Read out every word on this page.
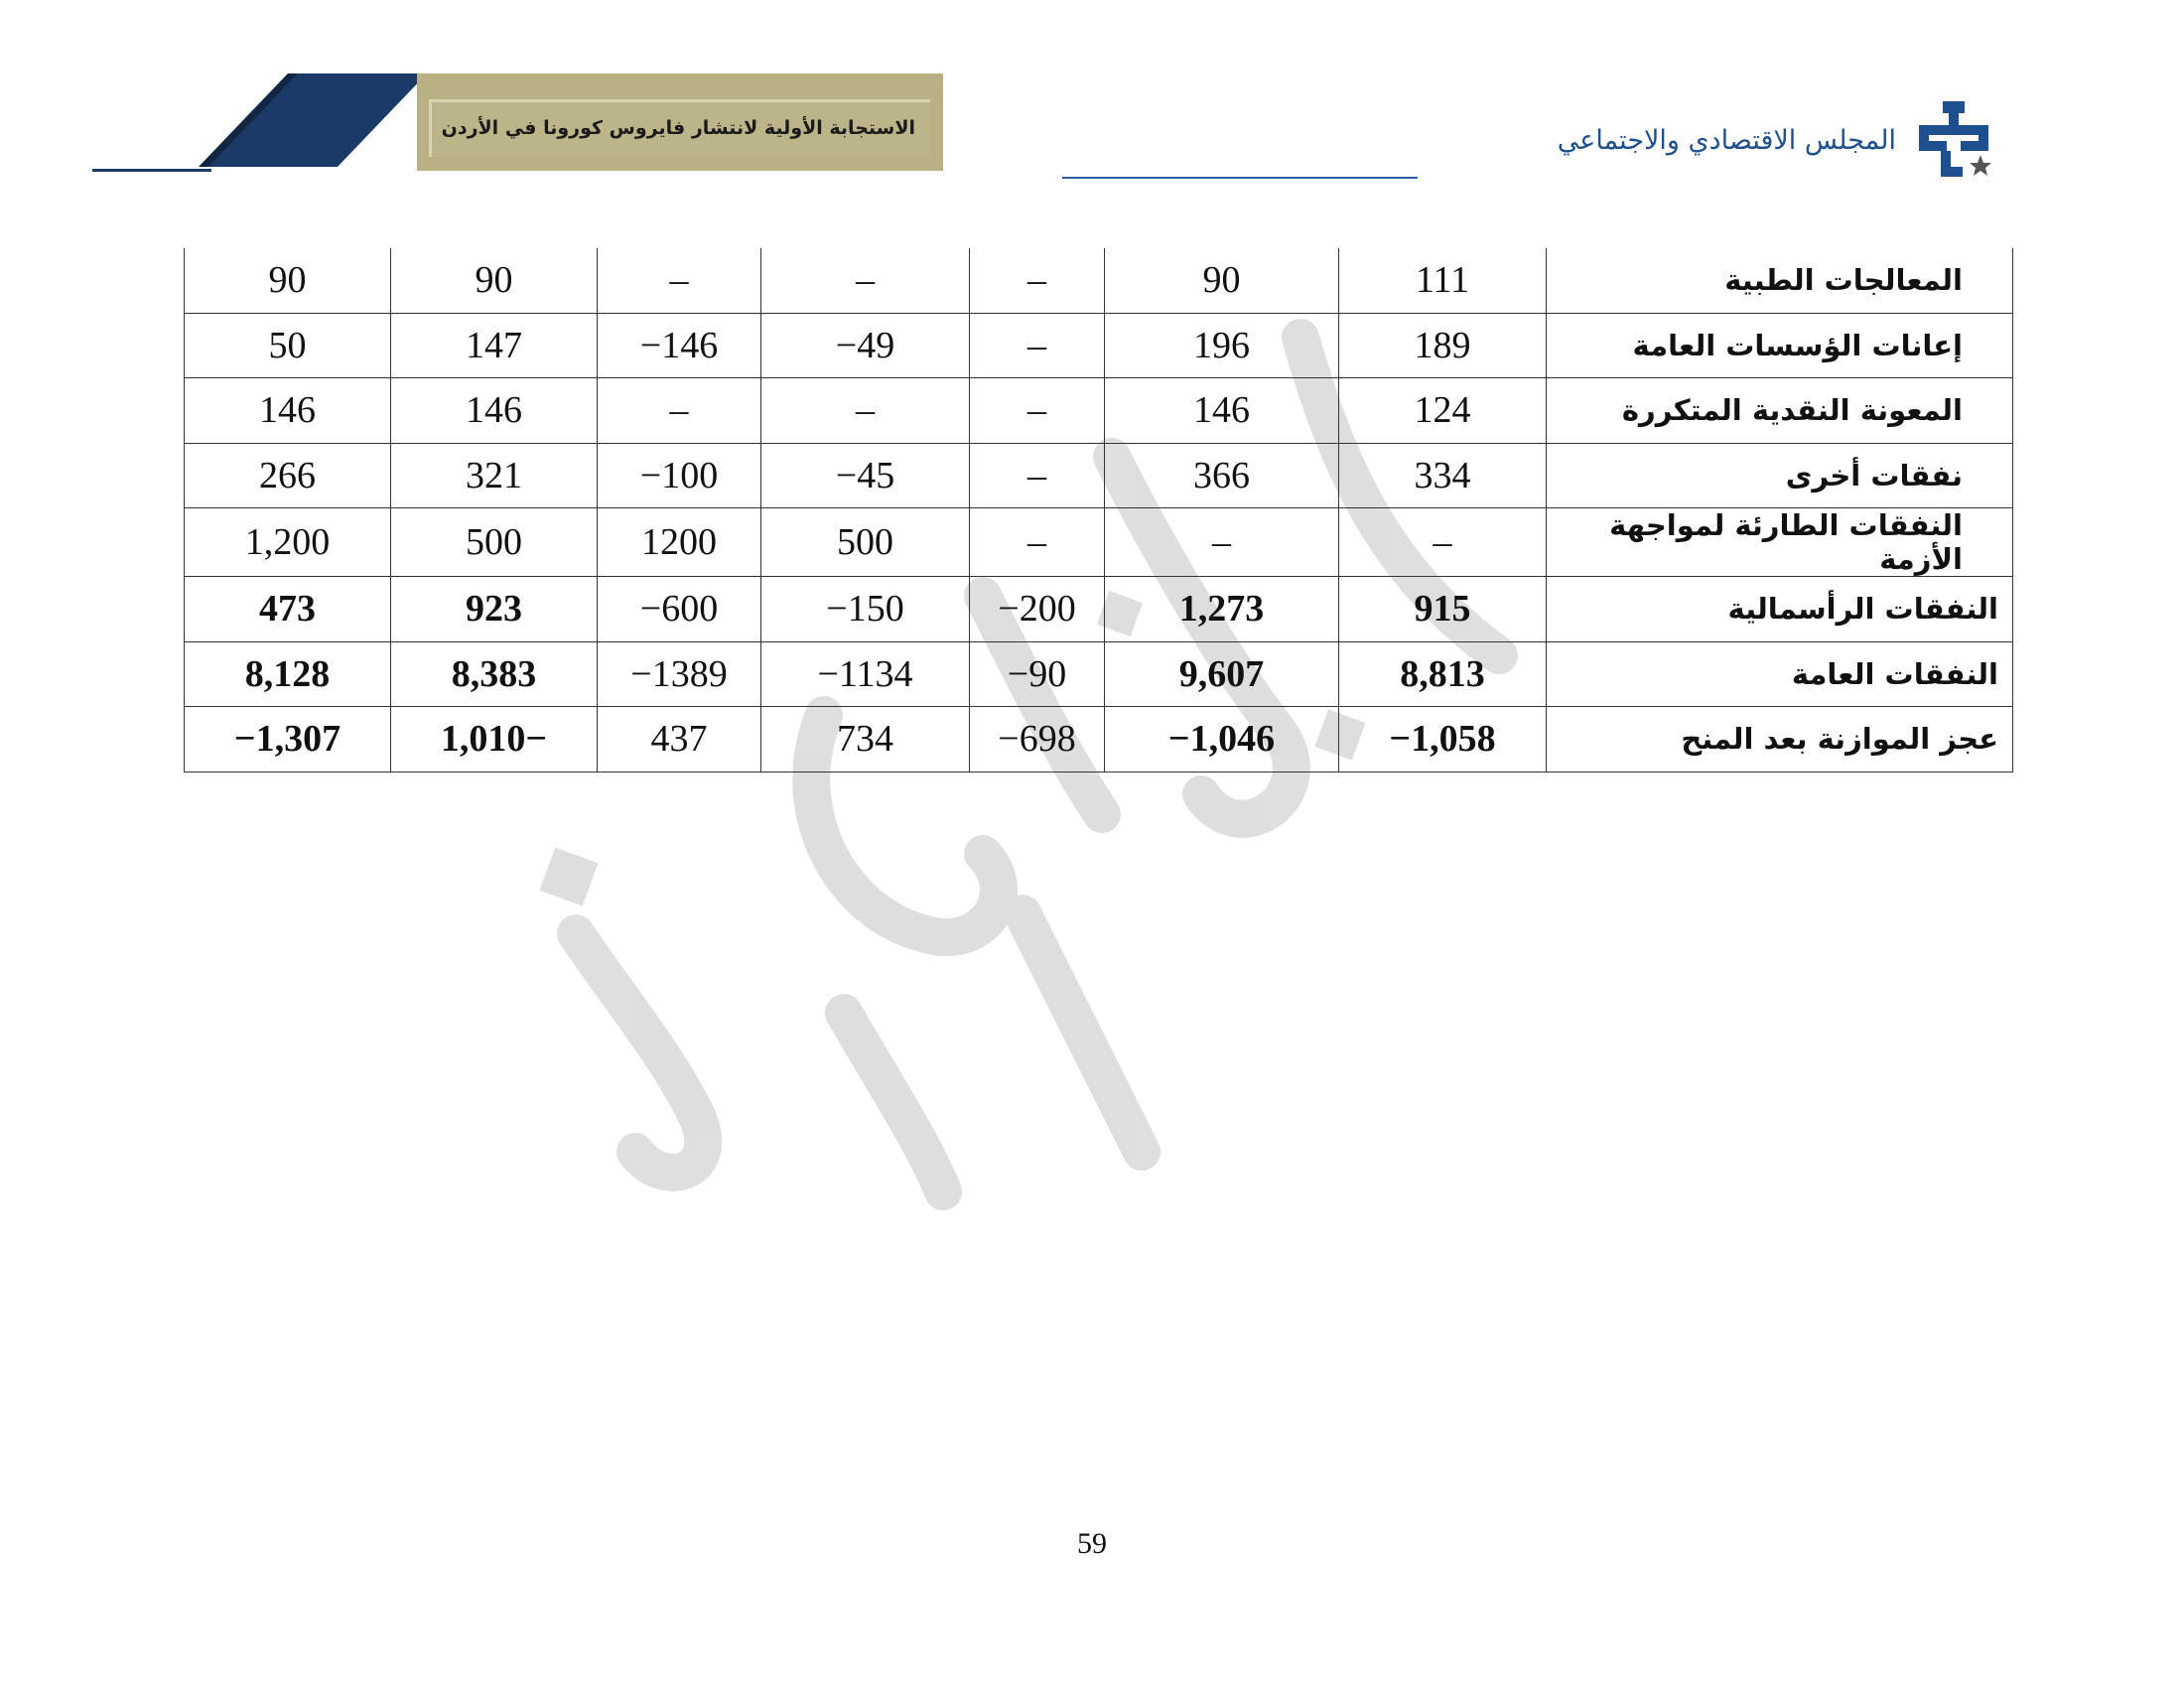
الاستجابة الأولية لانتشار فايروس كورونا في الأردن	المجلس الاقتصادي والاجتماعي
90	90	–	–	–	90	111	المعالجات الطبية
50	147	−146	−49	–	196	189	إعانات الؤسسات العامة
146	146	–	–	–	146	124	المعونة النقدية المتكررة
266	321	−100	−45	–	366	334	نفقات أخرى
1,200	500	1200	500	–	–	–	النفقات الطارئة لمواجهة الأزمة
473	923	−600	−150	−200	1,273	915	النفقات الرأسمالية
8,128	8,383	−1389	−1134	−90	9,607	8,813	النفقات العامة
−1,307	1,010−	437	734	−698	−1,046	−1,058	عجز الموازنة بعد المنح
59
